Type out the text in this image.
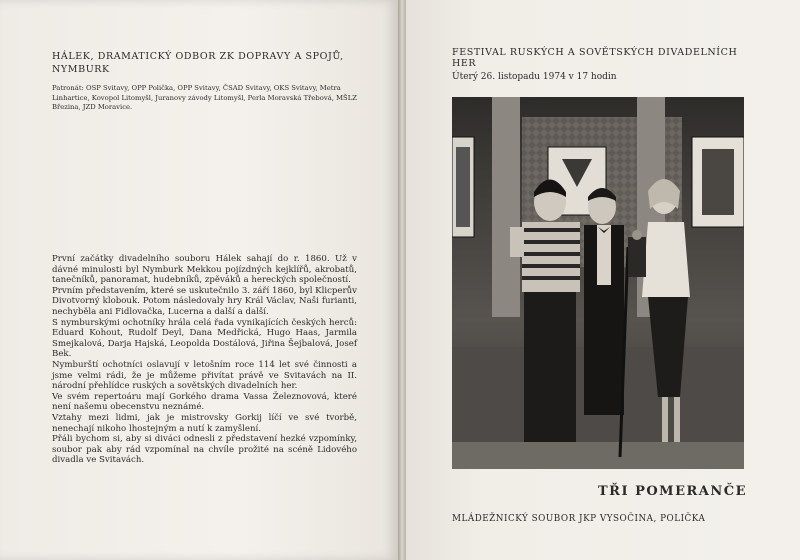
HÁLEK, DRAMATICKÝ ODBOR ZK DOPRAVY A SPOJŮ,
NYMBURK
Patronát: OSP Svitavy, OPP Polička, OPP Svitavy, ČSAD Svitavy, OKS Svitavy, Metra Linhartice, Kovopol Litomyšl, Juranovy závody Litomyšl, Perla Moravská Třebová, MŠLZ Březina, JZD Moravice.

První začátky divadelního souboru Hálek sahají do r. 1860. Už v dávné minulosti byl Nymburk Mekkou pojízdných kejklířů, akrobatů, tanečníků, panoramat, hudebníků, zpěváků a hereckých společností.

Prvním představením, které se uskutečnilo 3. září 1860, byl Klicperův Divotvorný klobouk. Potom následovaly hry Král Václav, Naši furianti, nechyběla ani Fidlovačka, Lucerna a další a další.

S nymburskými ochotníky hrála celá řada vynikajících českých herců: Eduard Kohout, Rudolf Deyl, Dana Medřická, Hugo Haas, Jarmila Smejkalová, Darja Hajská, Leopolda Dostálová, Jiřina Šejbalová, Josef Bek.

Nymburští ochotníci oslavují v letošním roce 114 let své činnosti a jsme velmi rádi, že je můžeme přivítat právě ve Svitavách na II. národní přehlídce ruských a sovětských divadelních her.

Ve svém repertoáru mají Gorkého drama Vassa Železnovová, které není našemu obecenstvu neznámé.

Vztahy mezi lidmi, jak je mistrovsky Gorkij líčí ve své tvorbě, nenechají nikoho lhostejným a nutí k zamyšlení.

Přáli bychom si, aby si diváci odnesli z představení hezké vzpomínky, soubor pak aby rád vzpomínal na chvíle prožité na scéně Lidového divadla ve Svitavách.

FESTIVAL RUSKÝCH A SOVĚTSKÝCH DIVADELNÍCH HER
Úterý 26. listopadu 1974 v 17 hodin
TŘI POMERANČE
MLÁDEŽNICKÝ SOUBOR JKP VYSOČINA, POLIČKA
